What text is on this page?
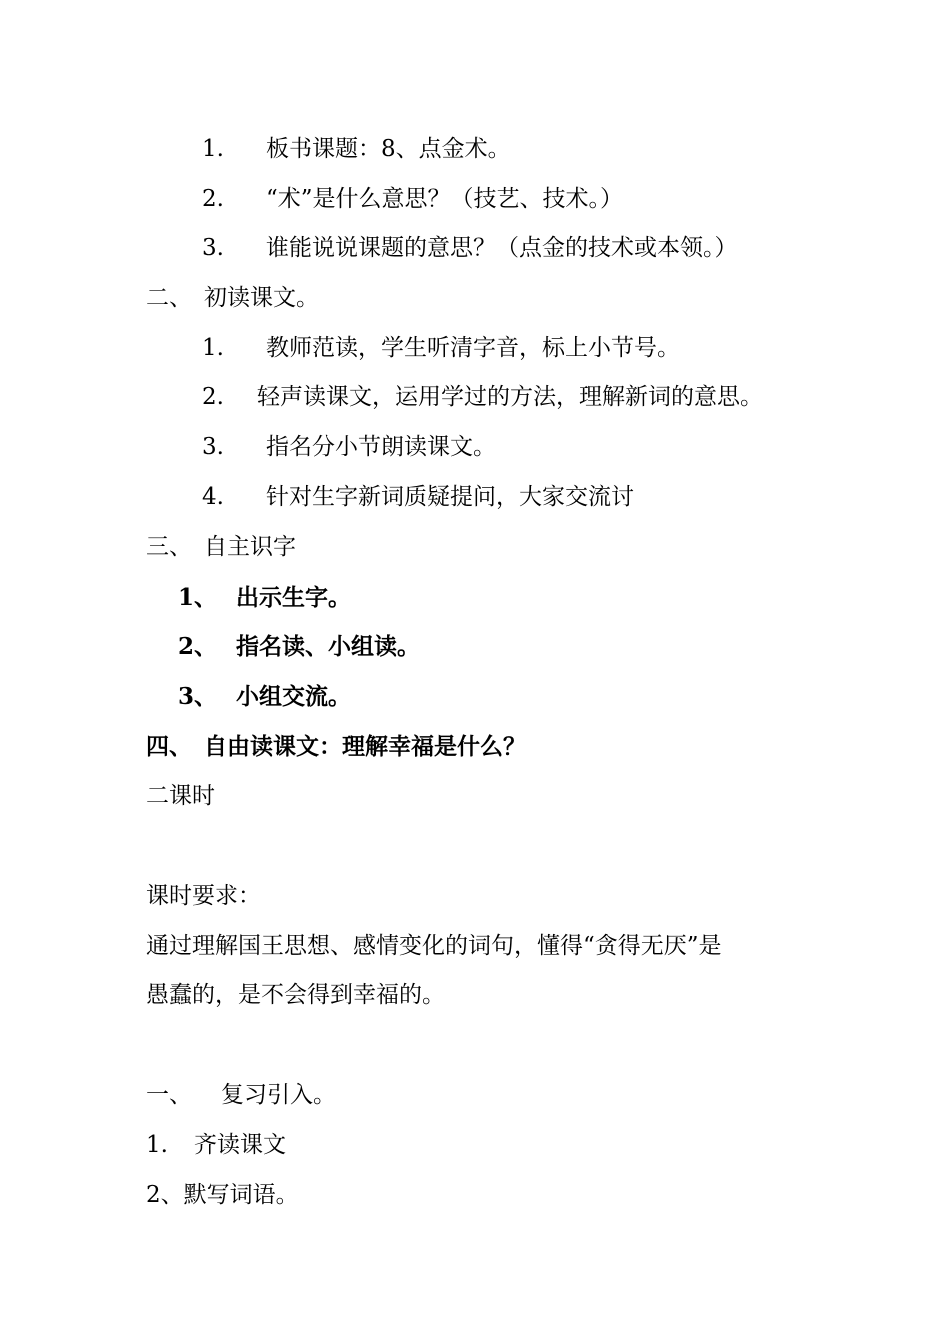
1. 板书课题：8、点金术。
2. “术”是什么意思？（技艺、技术。）
3. 谁能说说课题的意思？（点金的技术或本领。）
二、 初读课文。
1. 教师范读，学生听清字音，标上小节号。
2. 轻声读课文，运用学过的方法，理解新词的意思。
3. 指名分小节朗读课文。
4. 针对生字新词质疑提问，大家交流讨
三、 自主识字
1、 出示生字。
2、 指名读、小组读。
3、 小组交流。
四、 自由读课文：理解幸福是什么？
二课时
课时要求：
通过理解国王思想、感情变化的词句，懂得“贪得无厌”是
愚蠢的，是不会得到幸福的。
一、 复习引入。
1. 齐读课文
2、默写词语。
